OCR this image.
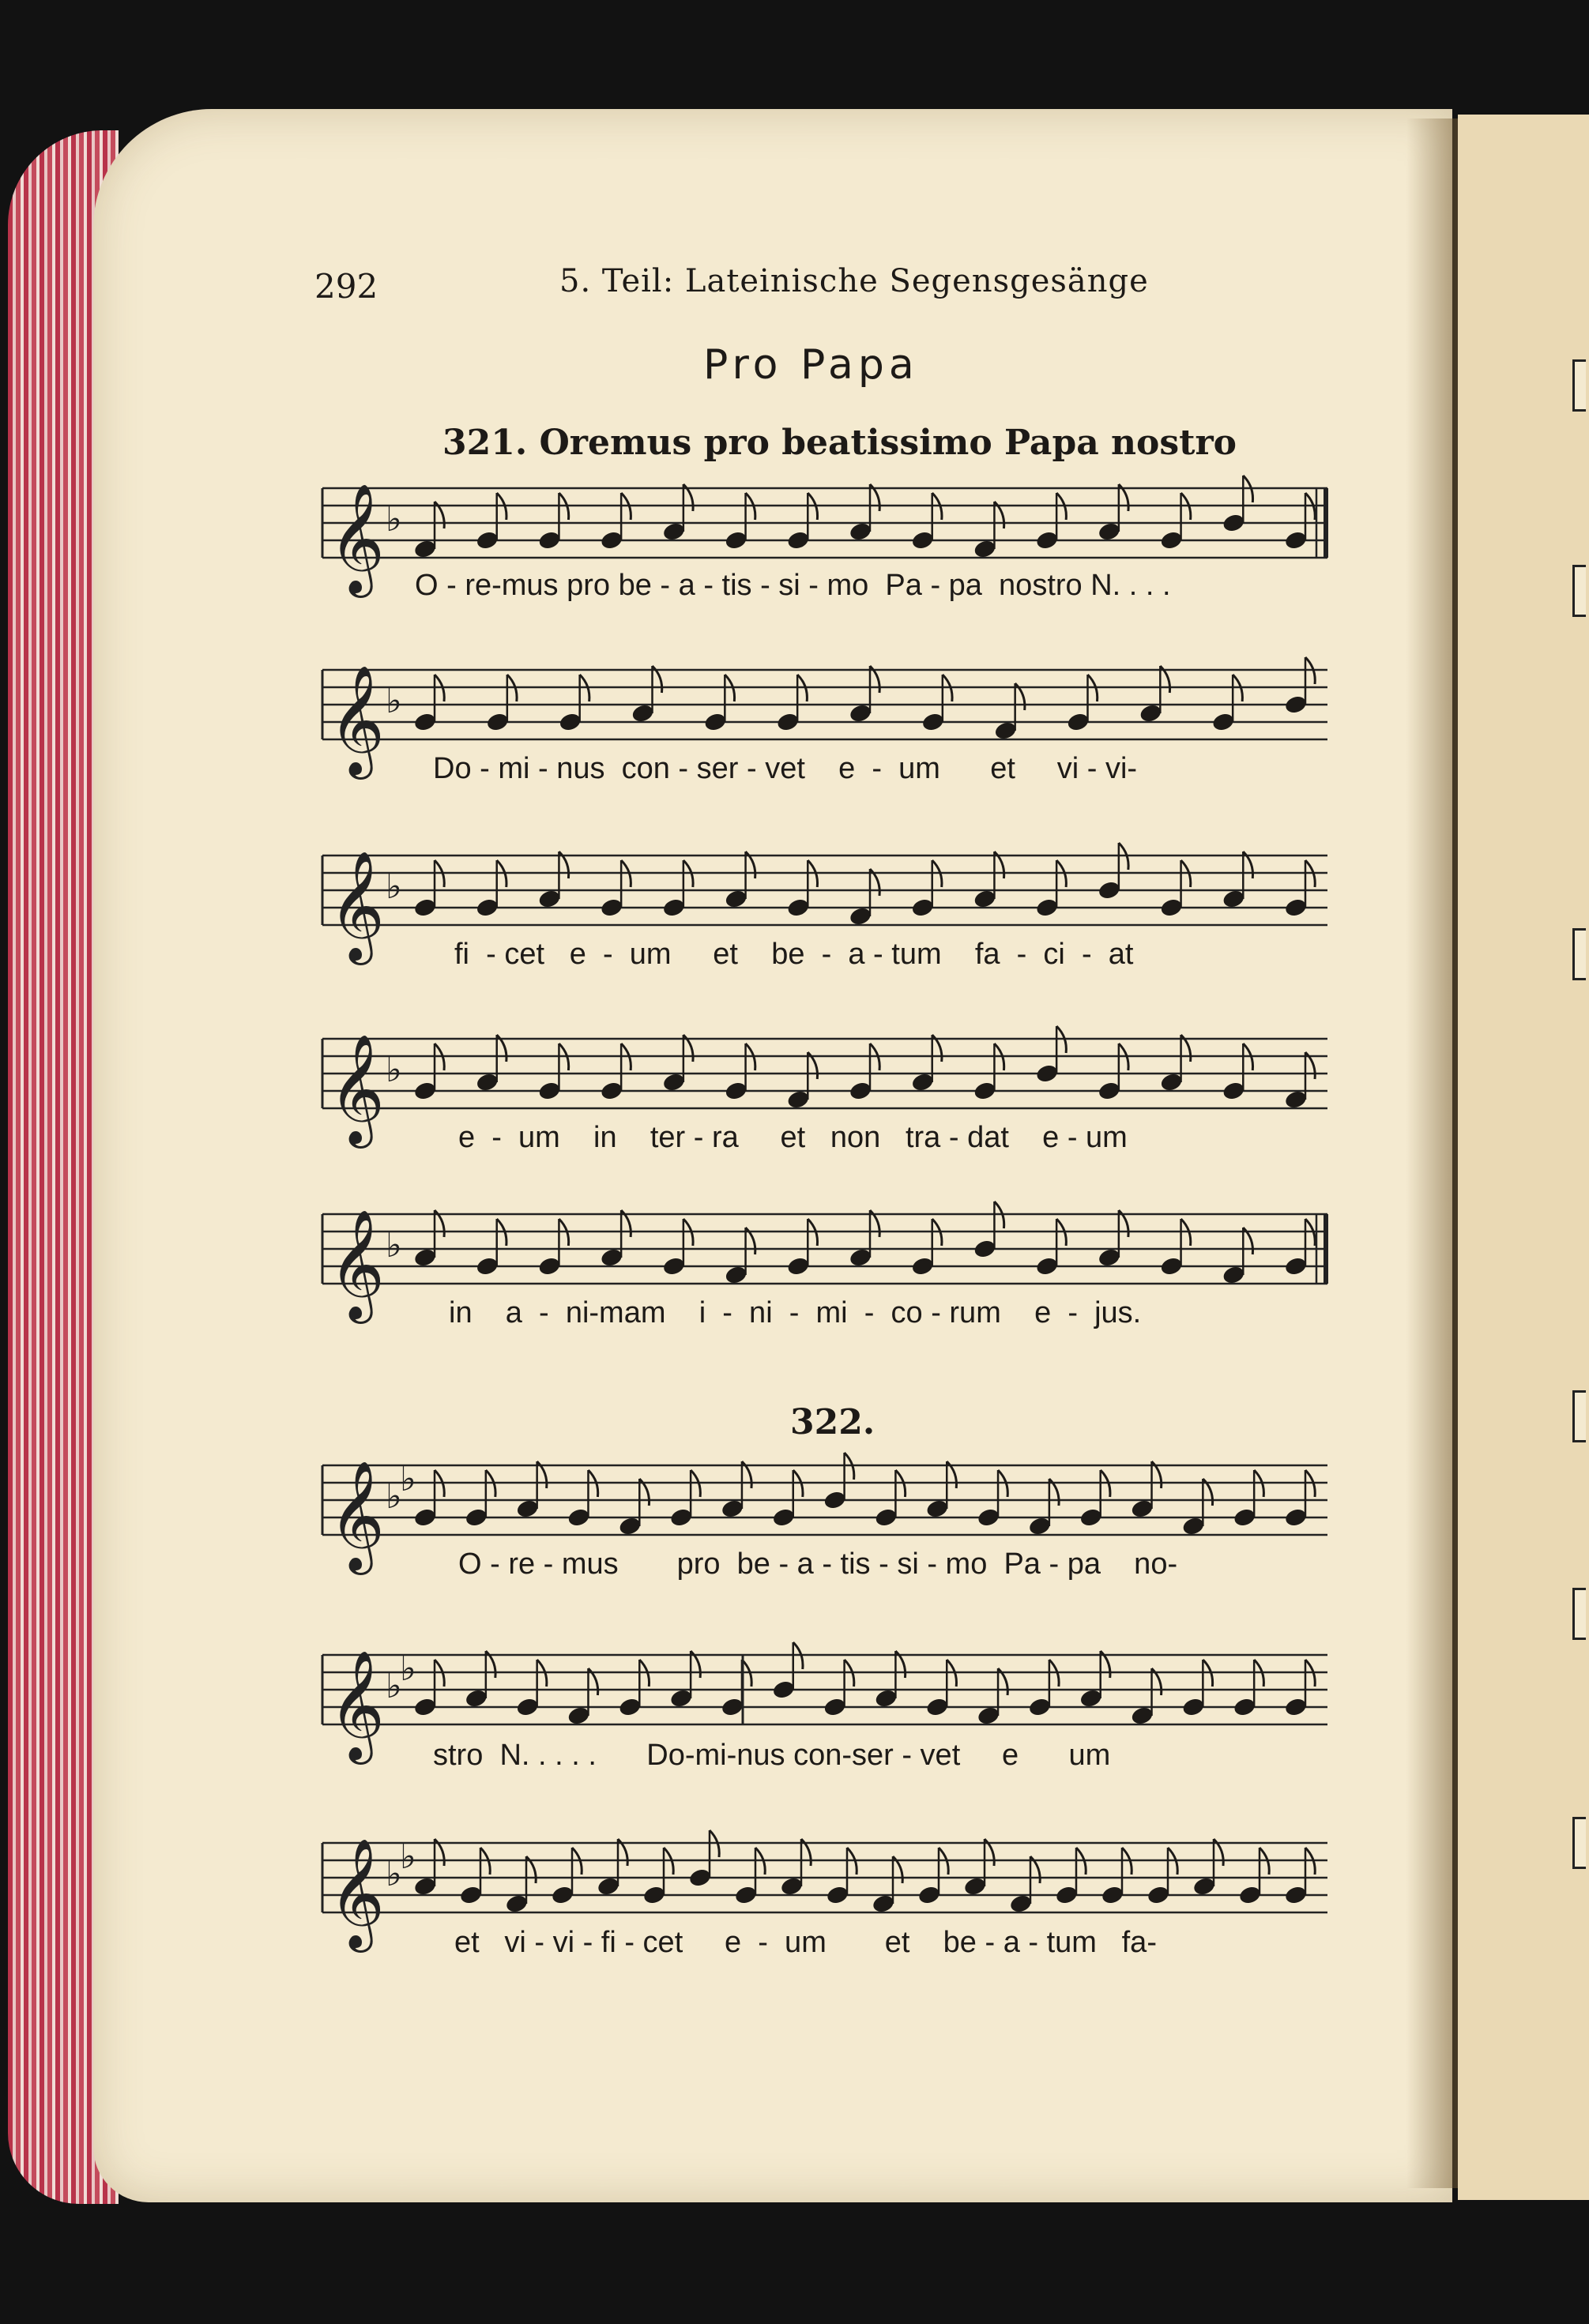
292	5. Teil: Lateinische Segensgesänge
Pro Papa
321. Oremus pro beatissimo Papa nostro
322.
𝄞 ♭
O - re-mus pro be - a - tis - si - mo  Pa - pa  nostro N. . . .
𝄞 ♭
Do - mi - nus  con - ser - vet    e  -  um      et     vi - vi-
𝄞 ♭
fi  - cet   e  -  um     et    be  -  a - tum    fa  -  ci  -  at
𝄞 ♭
e  -  um    in    ter - ra     et   non   tra - dat    e - um
𝄞 ♭
in    a  -  ni-mam    i  -  ni  -  mi  -  co - rum    e  -  jus.
𝄞 ♭
♭
O - re - mus       pro  be - a - tis - si - mo  Pa - pa    no-
𝄞 ♭
♭
stro  N. . . . .      Do-mi-nus con-ser - vet     e      um
𝄞 ♭
♭
et   vi - vi - fi - cet     e  -  um       et    be - a - tum   fa-
